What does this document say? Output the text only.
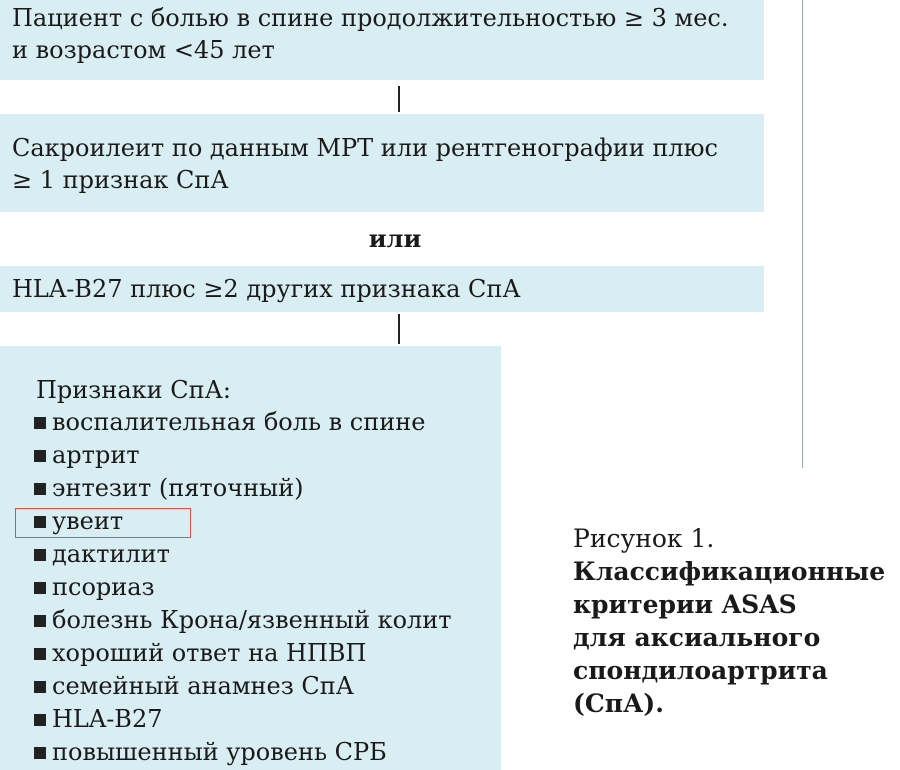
Пациент с болью в спине продолжительностью ≥ 3 мес.
и возрастом <45 лет
Сакроилеит по данным МРТ или рентгенографии плюс
≥ 1 признак СпА
или
HLA-B27 плюс ≥2 других признака СпА
Признаки СпА:
воспалительная боль в спине
артрит
энтезит (пяточный)
увеит
дактилит
псориаз
болезнь Крона/язвенный колит
хороший ответ на НПВП
семейный анамнез СпА
HLA-B27
повышенный уровень СРБ
Рисунок 1.
Классификационные
критерии ASAS
для аксиального
спондилоартрита
(СпА).
